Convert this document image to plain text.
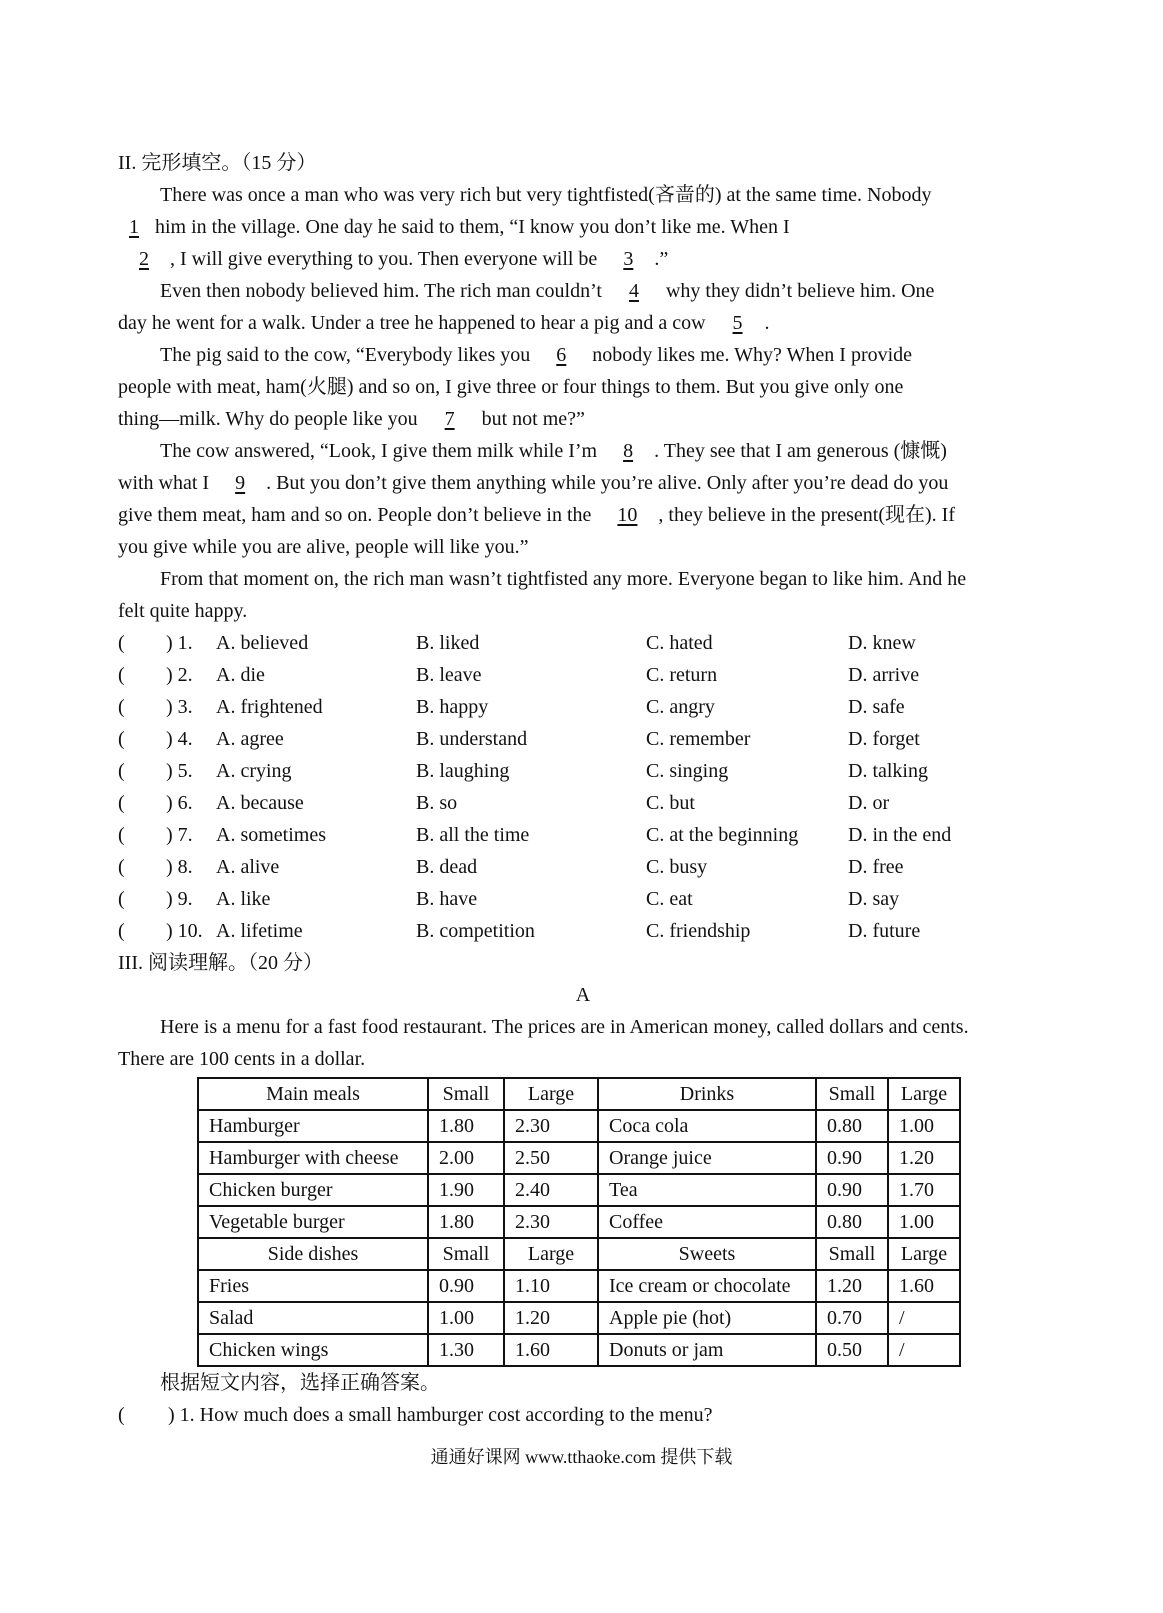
II. 完形填空。（15 分）
There was once a man who was very rich but very tightfisted(吝啬的) at the same time. Nobody
1 him in the village. One day he said to them, “I know you don’t like me. When I
2 , I will give everything to you. Then everyone will be 3 .”
Even then nobody believed him. The rich man couldn’t 4 why they didn’t believe him. One
day he went for a walk. Under a tree he happened to hear a pig and a cow 5 .
The pig said to the cow, “Everybody likes you 6 nobody likes me. Why? When I provide
people with meat, ham(火腿) and so on, I give three or four things to them. But you give only one
thing—milk. Why do people like you 7 but not me?”
The cow answered, “Look, I give them milk while I’m 8 . They see that I am generous (慷慨)
with what I 9 . But you don’t give them anything while you’re alive. Only after you’re dead do you
give them meat, ham and so on. People don’t believe in the 10 , they believe in the present(现在). If
you give while you are alive, people will like you.”
From that moment on, the rich man wasn’t tightfisted any more. Everyone began to like him. And he
felt quite happy.
(	) 1.	A. believed	B. liked	C. hated	D. knew
(	) 2.	A. die	B. leave	C. return	D. arrive
(	) 3.	A. frightened	B. happy	C. angry	D. safe
(	) 4.	A. agree	B. understand	C. remember	D. forget
(	) 5.	A. crying	B. laughing	C. singing	D. talking
(	) 6.	A. because	B. so	C. but	D. or
(	) 7.	A. sometimes	B. all the time	C. at the beginning	D. in the end
(	) 8.	A. alive	B. dead	C. busy	D. free
(	) 9.	A. like	B. have	C. eat	D. say
(	) 10. A. lifetime	B. competition	C. friendship	D. future
III. 阅读理解。（20 分）
A
Here is a menu for a fast food restaurant. The prices are in American money, called dollars and cents.
There are 100 cents in a dollar.
Main meals	Small	Large	Drinks	Small	Large
Hamburger	1.80	2.30	Coca cola	0.80	1.00
Hamburger with cheese	2.00	2.50	Orange juice	0.90	1.20
Chicken burger	1.90	2.40	Tea	0.90	1.70
Vegetable burger	1.80	2.30	Coffee	0.80	1.00
Side dishes	Small	Large	Sweets	Small	Large
Fries	0.90	1.10	Ice cream or chocolate	1.20	1.60
Salad	1.00	1.20	Apple pie (hot)	0.70	/
Chicken wings	1.30	1.60	Donuts or jam	0.50	/
根据短文内容，选择正确答案。
(	) 1. How much does a small hamburger cost according to the menu?
通通好课网 www.tthaoke.com 提供下载
